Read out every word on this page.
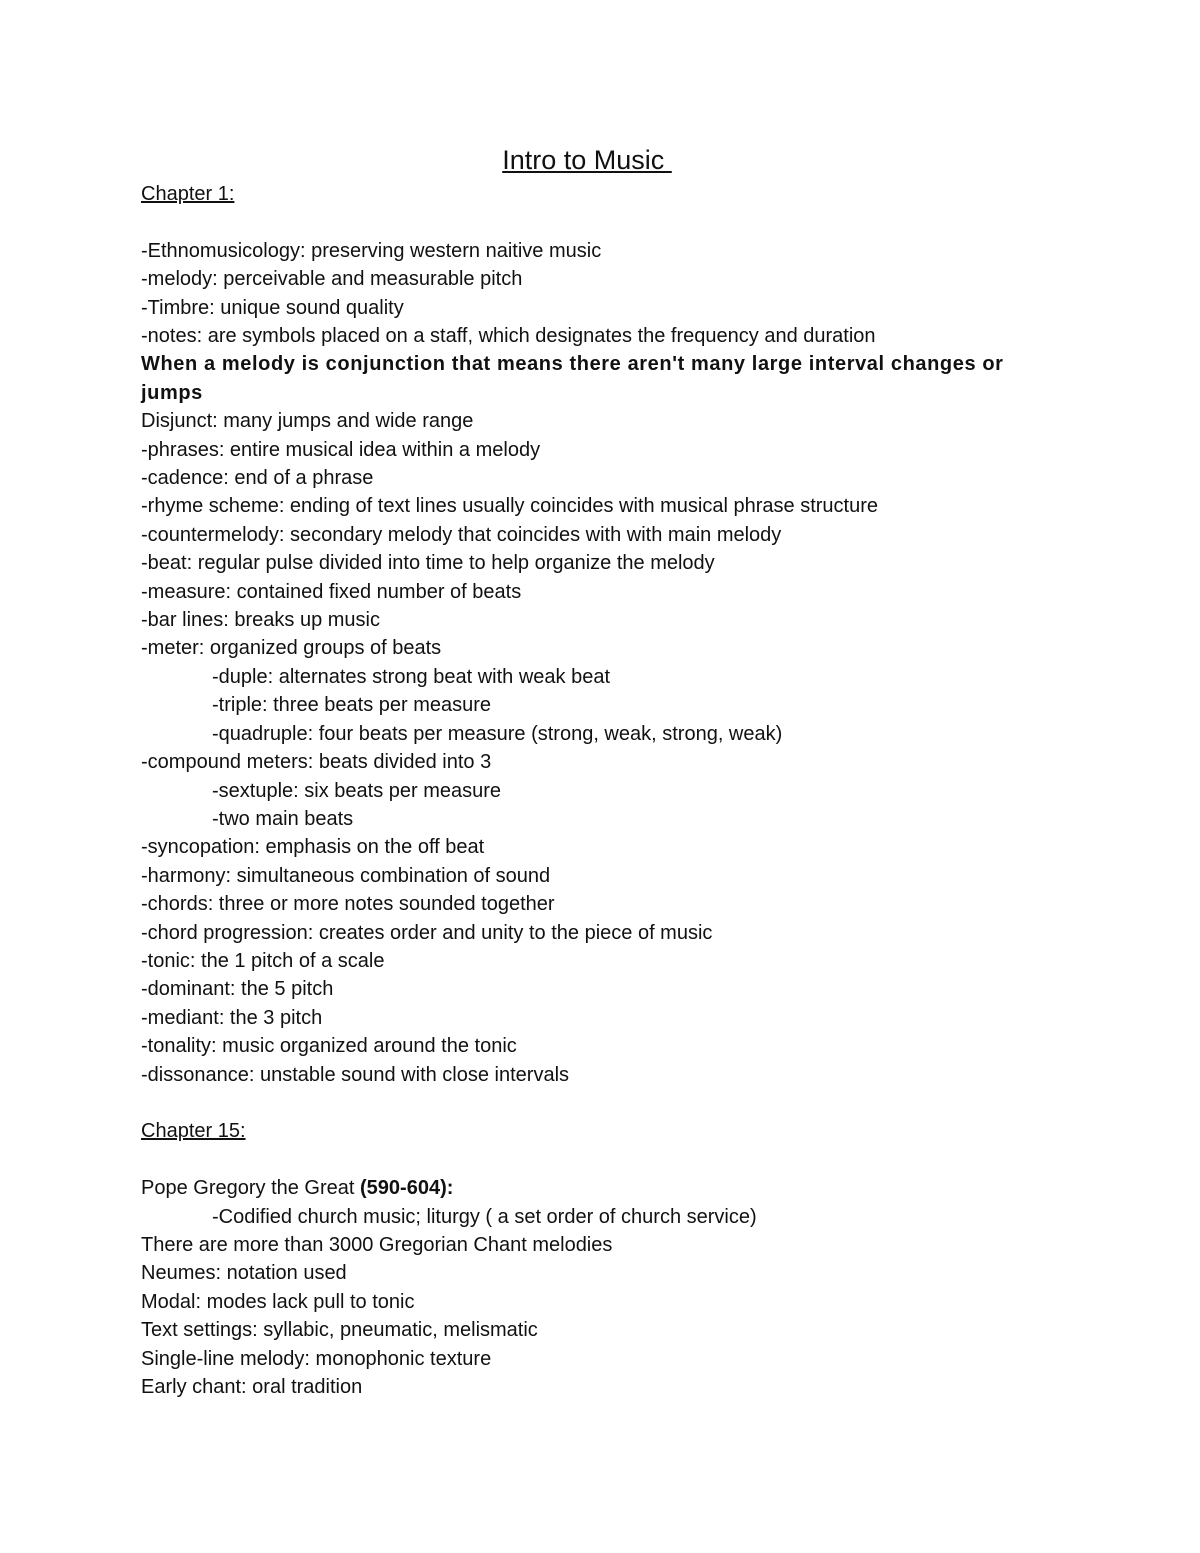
Intro to Music
Chapter 1:
-Ethnomusicology: preserving western naitive music
-melody: perceivable and measurable pitch
-Timbre: unique sound quality
-notes: are symbols placed on a staff, which designates the frequency and duration
When a melody is conjunction that means there aren't many large interval changes or jumps
Disjunct: many jumps and wide range
-phrases: entire musical idea within a melody
-cadence: end of a phrase
-rhyme scheme: ending of text lines usually coincides with musical phrase structure
-countermelody: secondary melody that coincides with with main melody
-beat: regular pulse divided into time to help organize the melody
-measure: contained fixed number of beats
-bar lines: breaks up music
-meter: organized groups of beats
-duple: alternates strong beat with weak beat
-triple: three beats per measure
-quadruple: four beats per measure (strong, weak, strong, weak)
-compound meters: beats divided into 3
-sextuple: six beats per measure
-two main beats
-syncopation: emphasis on the off beat
-harmony: simultaneous combination of sound
-chords: three or more notes sounded together
-chord progression: creates order and unity to the piece of music
-tonic: the 1 pitch of a scale
-dominant: the 5 pitch
-mediant: the 3 pitch
-tonality: music organized around the tonic
-dissonance: unstable sound with close intervals
Chapter 15:
Pope Gregory the Great (590-604):
-Codified church music; liturgy ( a set order of church service)
There are more than 3000 Gregorian Chant melodies
Neumes: notation used
Modal: modes lack pull to tonic
Text settings: syllabic, pneumatic, melismatic
Single-line melody: monophonic texture
Early chant: oral tradition
